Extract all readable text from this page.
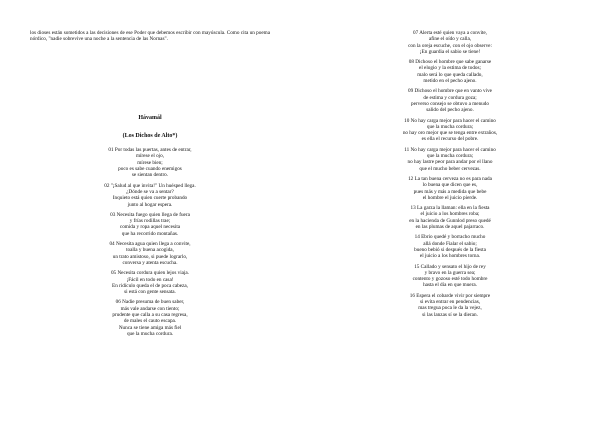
los dioses están sometidos a las decisiones de ese Poder que debemos escribir con mayúscula. Como cita un poema nórdico, "nadie sobrevive una noche a la sentencia de las Nornas".

Hávamál
(Los Dichos de Alto*)
01 Por todas las puertas, antes de entrar,
mírese el ojo,
mírese bien;
poco es sabe cuando enemigos
se sientan dentro.
02 "¡Salud al que invita!" Un huésped llega.
¿Dónde se va a sentar?
Inquieto está quien cuerte probando
junto al hogar espera.
03 Necesita fuego quien llega de fuera
y frías rodillas trae;
comida y ropa aquel necesita
que ha recorrido montañas.
04 Necesita agua quien llega a convite,
toalla y buena acogida,
un trato amistoso, si puede lograrlo,
conversa y atenta escucha.
05 Necesita cordura quien lejos viaja.
¡Fácil en todo en casa!
En ridículo queda el de poca cabeza,
si está con gente sensata.
06 Nadie presuma de buen saber,
más vale andarse con tiento;
prudente que calla a su casa regresa,
de males el cauto escapa.
Nunca se tiene amiga más fiel
que la mucha cordura.
07 Alerta esté quien vaya a convite,
afine el oído y calla,
con la oreja escuche, con el ojo observe:
¡En guardia el sabio se tiene!
08 Dichoso el hombre que sabe ganarse
el elogio y la estima de todos;
malo será lo que queda callado,
metido en el pecho ajeno.
09 Dichoso el hombre que en vanto vive
de estima y cordura goza;
perverso consejo se obtuvo a menudo
salido del pecho ajeno.
10 No hay carga mejor para hacer el camino
que la mucha cordura;
no hay oro mejor que se tenga entre extraños,
es ella el recurso del pobre.
11 No hay carga mejor para hacer el camino
que la mucha cordura;
no hay lastre peor para andar por el llano
que el mucho beber cervezas.
12 La tan buena cerveza no es para nada
lo buena que dicen que es,
pues más y más a medida que bebe
el hombre el juicio pierde.
13 La garza la llaman: ella en la fiesta
el juicio a los hombres roba;
en la hacienda de Gunnlod preso quedé
en las plumas de aquel pajarraco.
14 Ebrio quedé y borracho mucho
allá donde Fialar el sabio;
bueno bebió si después de la fiesta
el juicio a los hombres torna.
15 Callado y sensato el hijo de rey
y bravo en la guerra sea;
contento y gozoso esté todo hombre
hasta el día en que muera.
16 Espera el cobarde vivir por siempre
si evita entrar en pendencias,
mas tregua poca le da la vejez,
si las lanzas sí se la dieran.
